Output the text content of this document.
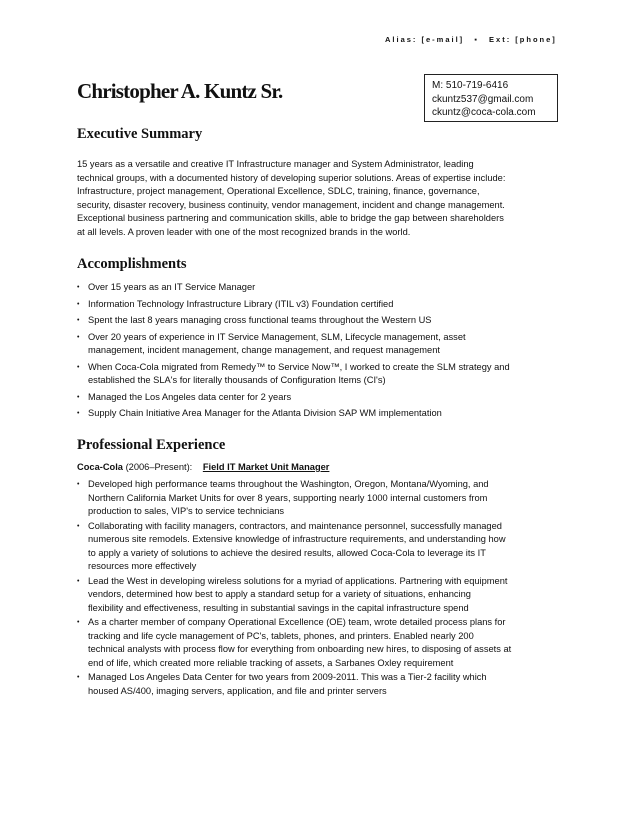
Alias: [e-mail] ▪ Ext: [phone]
Christopher A. Kuntz Sr.	M: 510-719-6416
ckuntz537@gmail.com
ckuntz@coca-cola.com
Executive Summary
15 years as a versatile and creative IT Infrastructure manager and System Administrator, leading
technical groups, with a documented history of developing superior solutions. Areas of expertise include:
Infrastructure, project management, Operational Excellence, SDLC, training, finance, governance,
security, disaster recovery, business continuity, vendor management, incident and change management.
Exceptional business partnering and communication skills, able to bridge the gap between shareholders
at all levels. A proven leader with one of the most recognized brands in the world.
Accomplishments
• Over 15 years as an IT Service Manager
• Information Technology Infrastructure Library (ITIL v3) Foundation certified
• Spent the last 8 years managing cross functional teams throughout the Western US
• Over 20 years of experience in IT Service Management, SLM, Lifecycle management, asset
management, incident management, change management, and request management
• When Coca-Cola migrated from Remedy™ to Service Now™, I worked to create the SLM strategy and
established the SLA's for literally thousands of Configuration Items (CI's)
• Managed the Los Angeles data center for 2 years
• Supply Chain Initiative Area Manager for the Atlanta Division SAP WM implementation
Professional Experience
Coca-Cola (2006–Present): Field IT Market Unit Manager
• Developed high performance teams throughout the Washington, Oregon, Montana/Wyoming, and
Northern California Market Units for over 8 years, supporting nearly 1000 internal customers from
production to sales, VIP's to service technicians
• Collaborating with facility managers, contractors, and maintenance personnel, successfully managed
numerous site remodels. Extensive knowledge of infrastructure requirements, and understanding how
to apply a variety of solutions to achieve the desired results, allowed Coca-Cola to leverage its IT
resources more effectively
• Lead the West in developing wireless solutions for a myriad of applications. Partnering with equipment
vendors, determined how best to apply a standard setup for a variety of situations, enhancing
flexibility and effectiveness, resulting in substantial savings in the capital infrastructure spend
• As a charter member of company Operational Excellence (OE) team, wrote detailed process plans for
tracking and life cycle management of PC's, tablets, phones, and printers. Enabled nearly 200
technical analysts with process flow for everything from onboarding new hires, to disposing of assets at
end of life, which created more reliable tracking of assets, a Sarbanes Oxley requirement
• Managed Los Angeles Data Center for two years from 2009-2011. This was a Tier-2 facility which
housed AS/400, imaging servers, application, and file and printer servers
